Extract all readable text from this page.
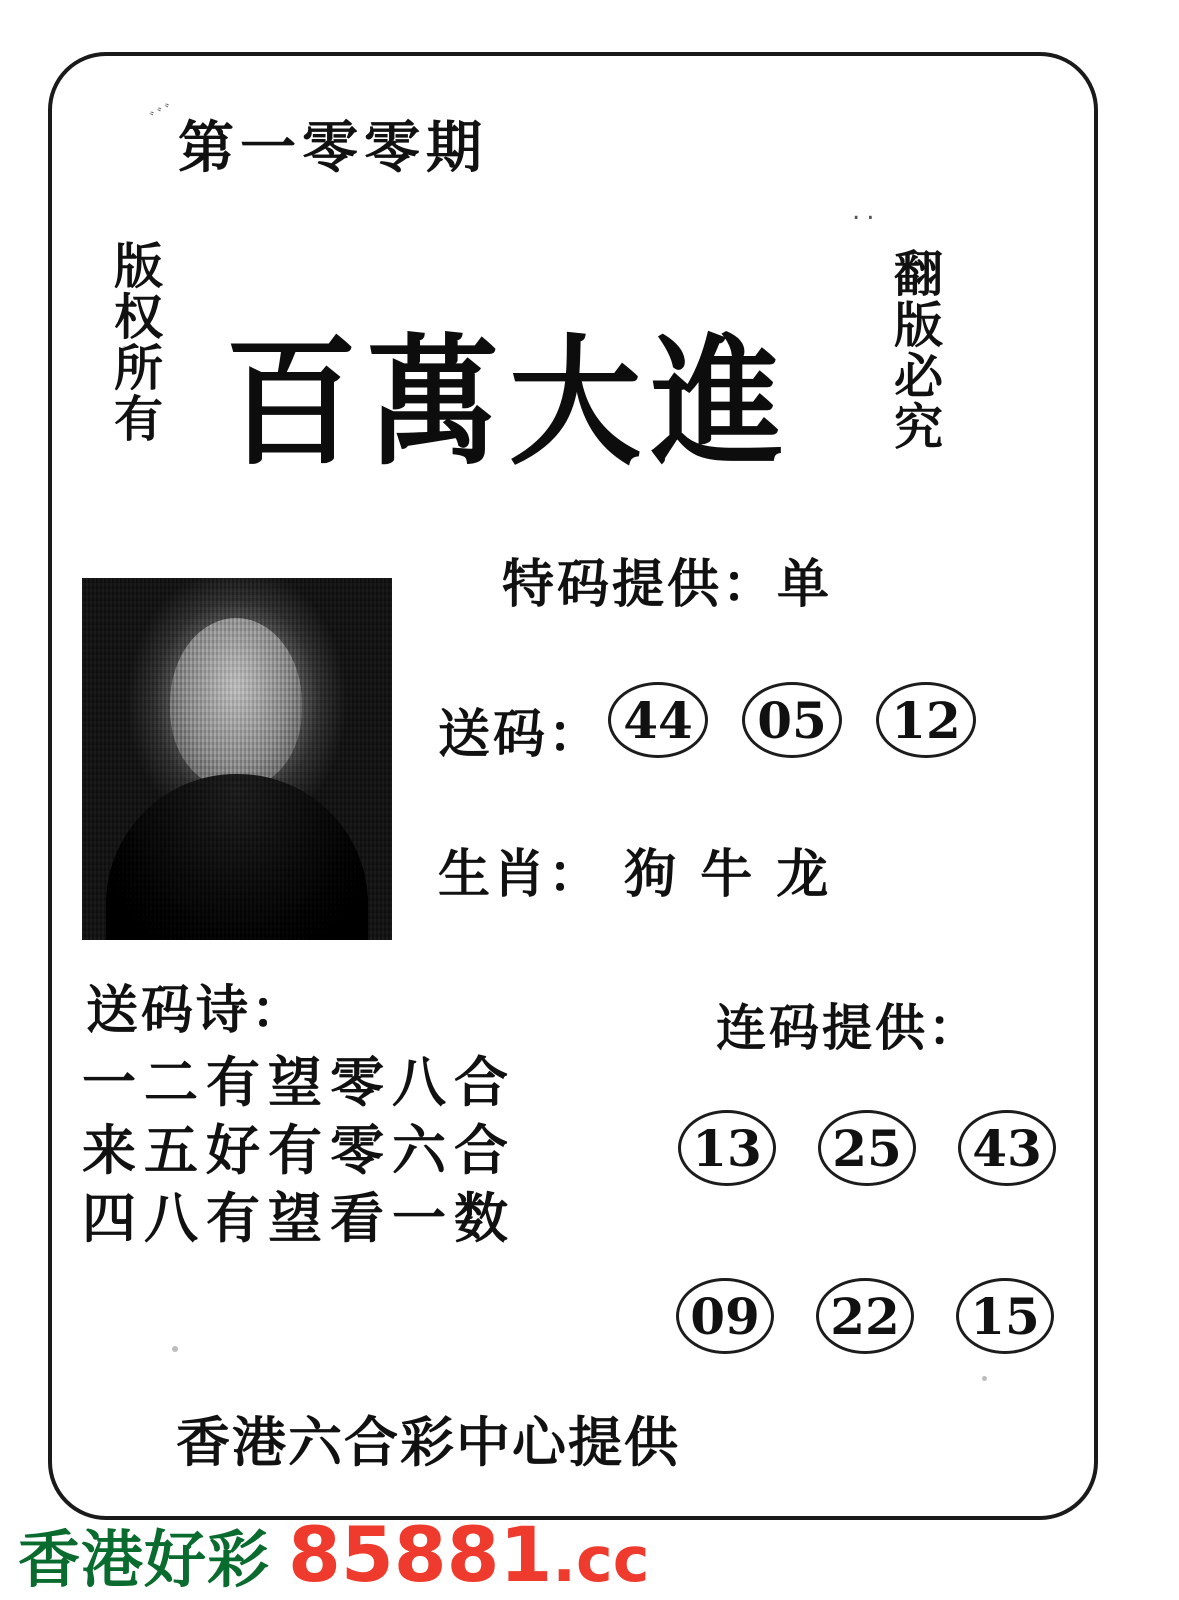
ﾞﾞﾞ
第一零零期
..
版权所有	翻版必究
百萬大進
特码提供：单
送码： 44	05	12
生肖： 狗 牛 龙
送码诗：
一二有望零八合
来五好有零六合
四八有望看一数
连码提供：
13 25 43
09 22 15
香港六合彩中心提供
香港好彩 85881 .cc
